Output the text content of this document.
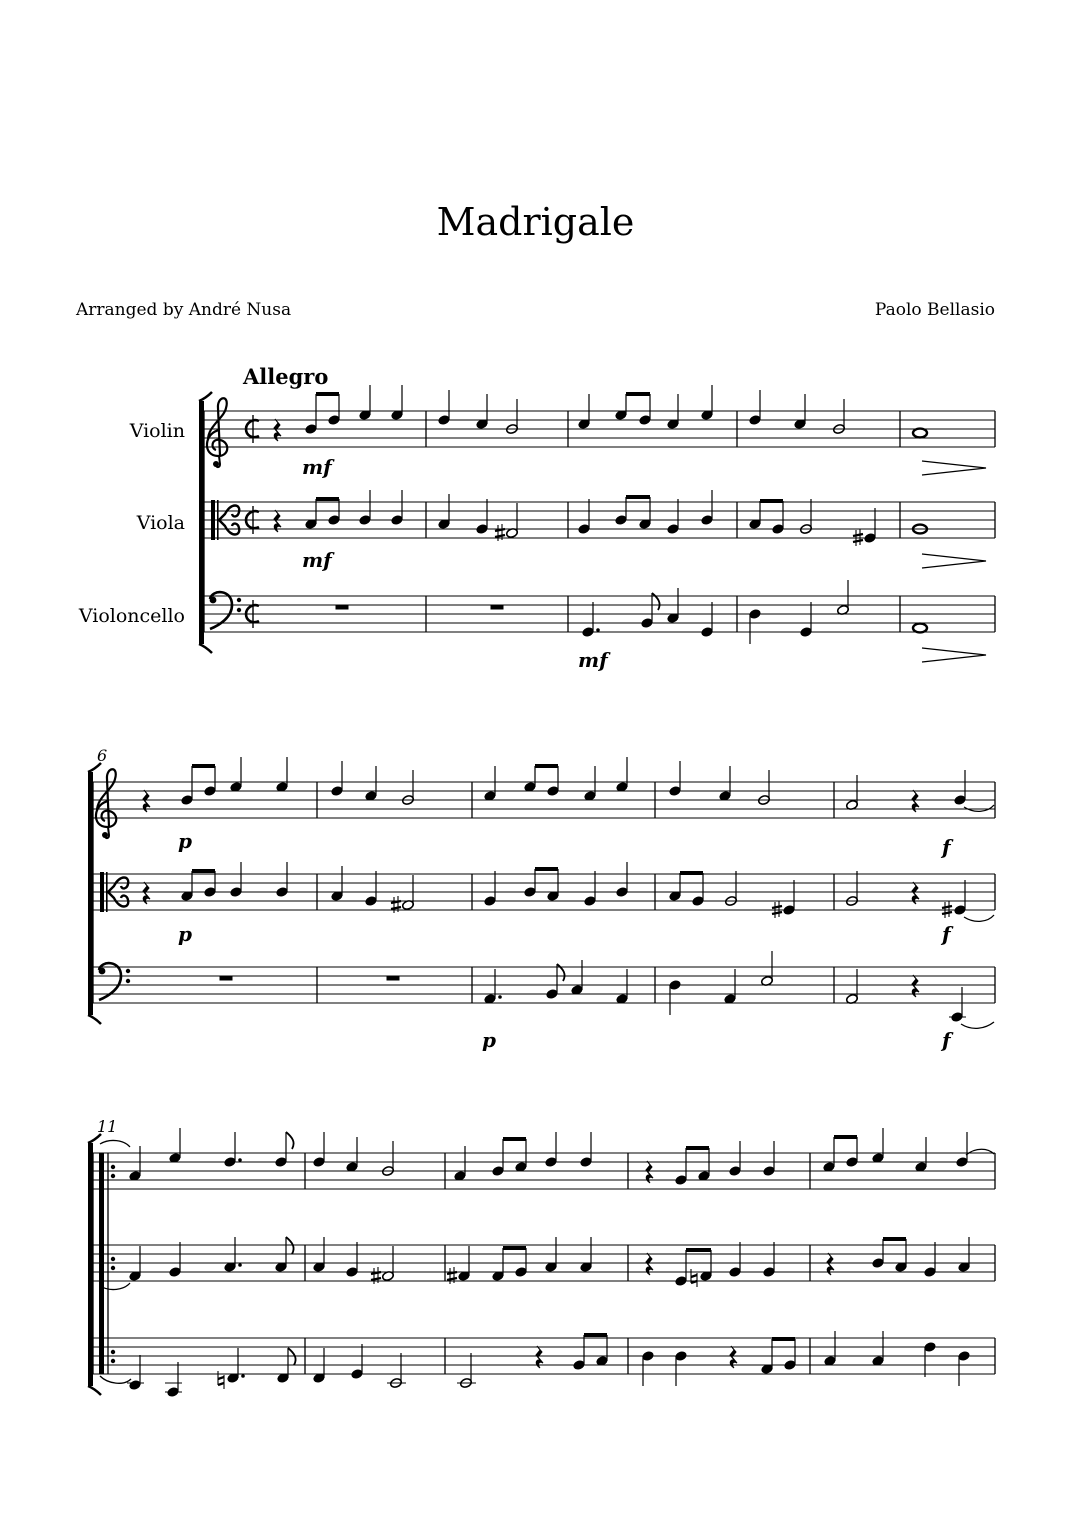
Madrigale
Arranged by André Nusa	Paolo Bellasio
Allegro
Violin
Viola
Violoncello
6
11
mf
mf
mf
p	f
p	f
p	f
